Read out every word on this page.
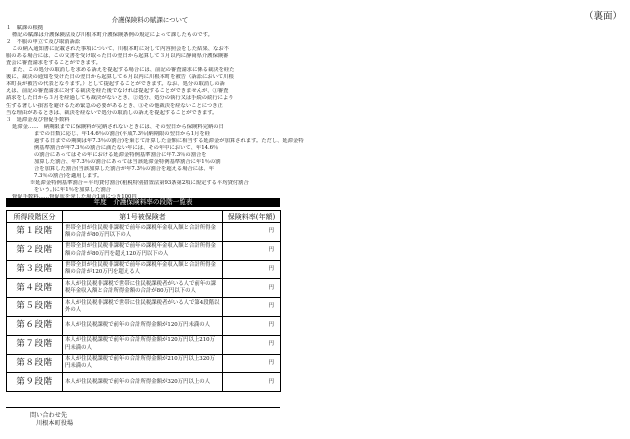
（裏面）
介護保険料の賦課について
１　賦課の根拠
標記の賦課は介護保険法及び川根本町介護保険条例の規定によって課したものです。
２　不服の申立て及び取消訴訟
この納入通知書に記載された事項について、川根本町に対して内容照会をした結果、なお不
服のある場合には、この文書を受け取った日の翌日から起算して３月以内に静岡県介護保険審
査会に審査請求をすることができます。
また、この処分の取消しを求める訴えを提起する場合には、前記の審査請求に係る裁決を経た
後に、裁決の通知を受けた日の翌日から起算して６月以内に川根本町を被告（訴訟において川根
本町長が被告の代表となります。）として提起することができます。なお、処分の取消しの訴
えは、前記の審査請求に対する裁決を経た後でなければ提起することができませんが、①審査
請求をした日から３月を経過しても裁決がないとき、②処分、処分の執行又は手続の続行により
生ずる著しい損害を避けるため緊急の必要があるとき、③その他裁決を経ないことにつき正
当な理由があるときは、裁決を経ないで処分の取消しの訴えを提起することができます。
３　延滞金及び督促手数料
延滞金……　納期限までに保険料が完納されないときには、その翌日から保険料完納の日
までの日数に応じ、年14.6％の割合(平成7.3％(納期限の翌日から1月を経
過する日までの期間は年7.3％の割合)を乗じて計算した金額に相当する延滞金が加算されます。ただし、延滞金特
例基準割合が年7.3％の割合に満たない年には、その年中において、年14.6％
の割合にあってはその年における延滞金特例基準割合に年7.3％の割合を
加算した割合、年7.3％の割合にあっては当該延滞金特例基準割合に年1％の割
合を加算した割合(当該加算した割合が年7.3％の割合を超える場合には、年
7.3％の割合)を適用します。
※延滞金特例基準割合＝平均貸付割合(租税特別措置法第93条第2項に規定する平均貸付割合
をいう。)に年1％を加算した割合
年度　介護保険料率の段階一覧表
所得段階区分	第1号被保険者	保険料率(年額)
第１段階	世帯全員が住民税非課税で前年の課税年金収入額と合計所得金額の合計が80万円以下の人	円
第２段階	世帯全員が住民税非課税で前年の課税年金収入額と合計所得金額の合計が80万円を超え120万円以下の人	円
第３段階	世帯全員が住民税非課税で前年の課税年金収入額と合計所得金額の合計が120万円を超える人	円
第４段階	本人が住民税非課税で世帯に住民税課税者がいる人で前年の課税年金収入額と合計所得金額の合計が80万円以下の人	円
第５段階	本人が住民税非課税で世帯に住民税課税者がいる人で第4段階以外の人	円
第６段階	本人が住民税課税で前年の合計所得金額が120万円未満の人	円
第７段階	本人が住民税課税で前年の合計所得金額が120万円以上210万円未満の人	円
第８段階	本人が住民税課税で前年の合計所得金額が210万円以上320万円未満の人	円
第９段階	本人が住民税課税で前年の合計所得金額が320万円以上の人	円
問い合わせ先
川根本町役場
